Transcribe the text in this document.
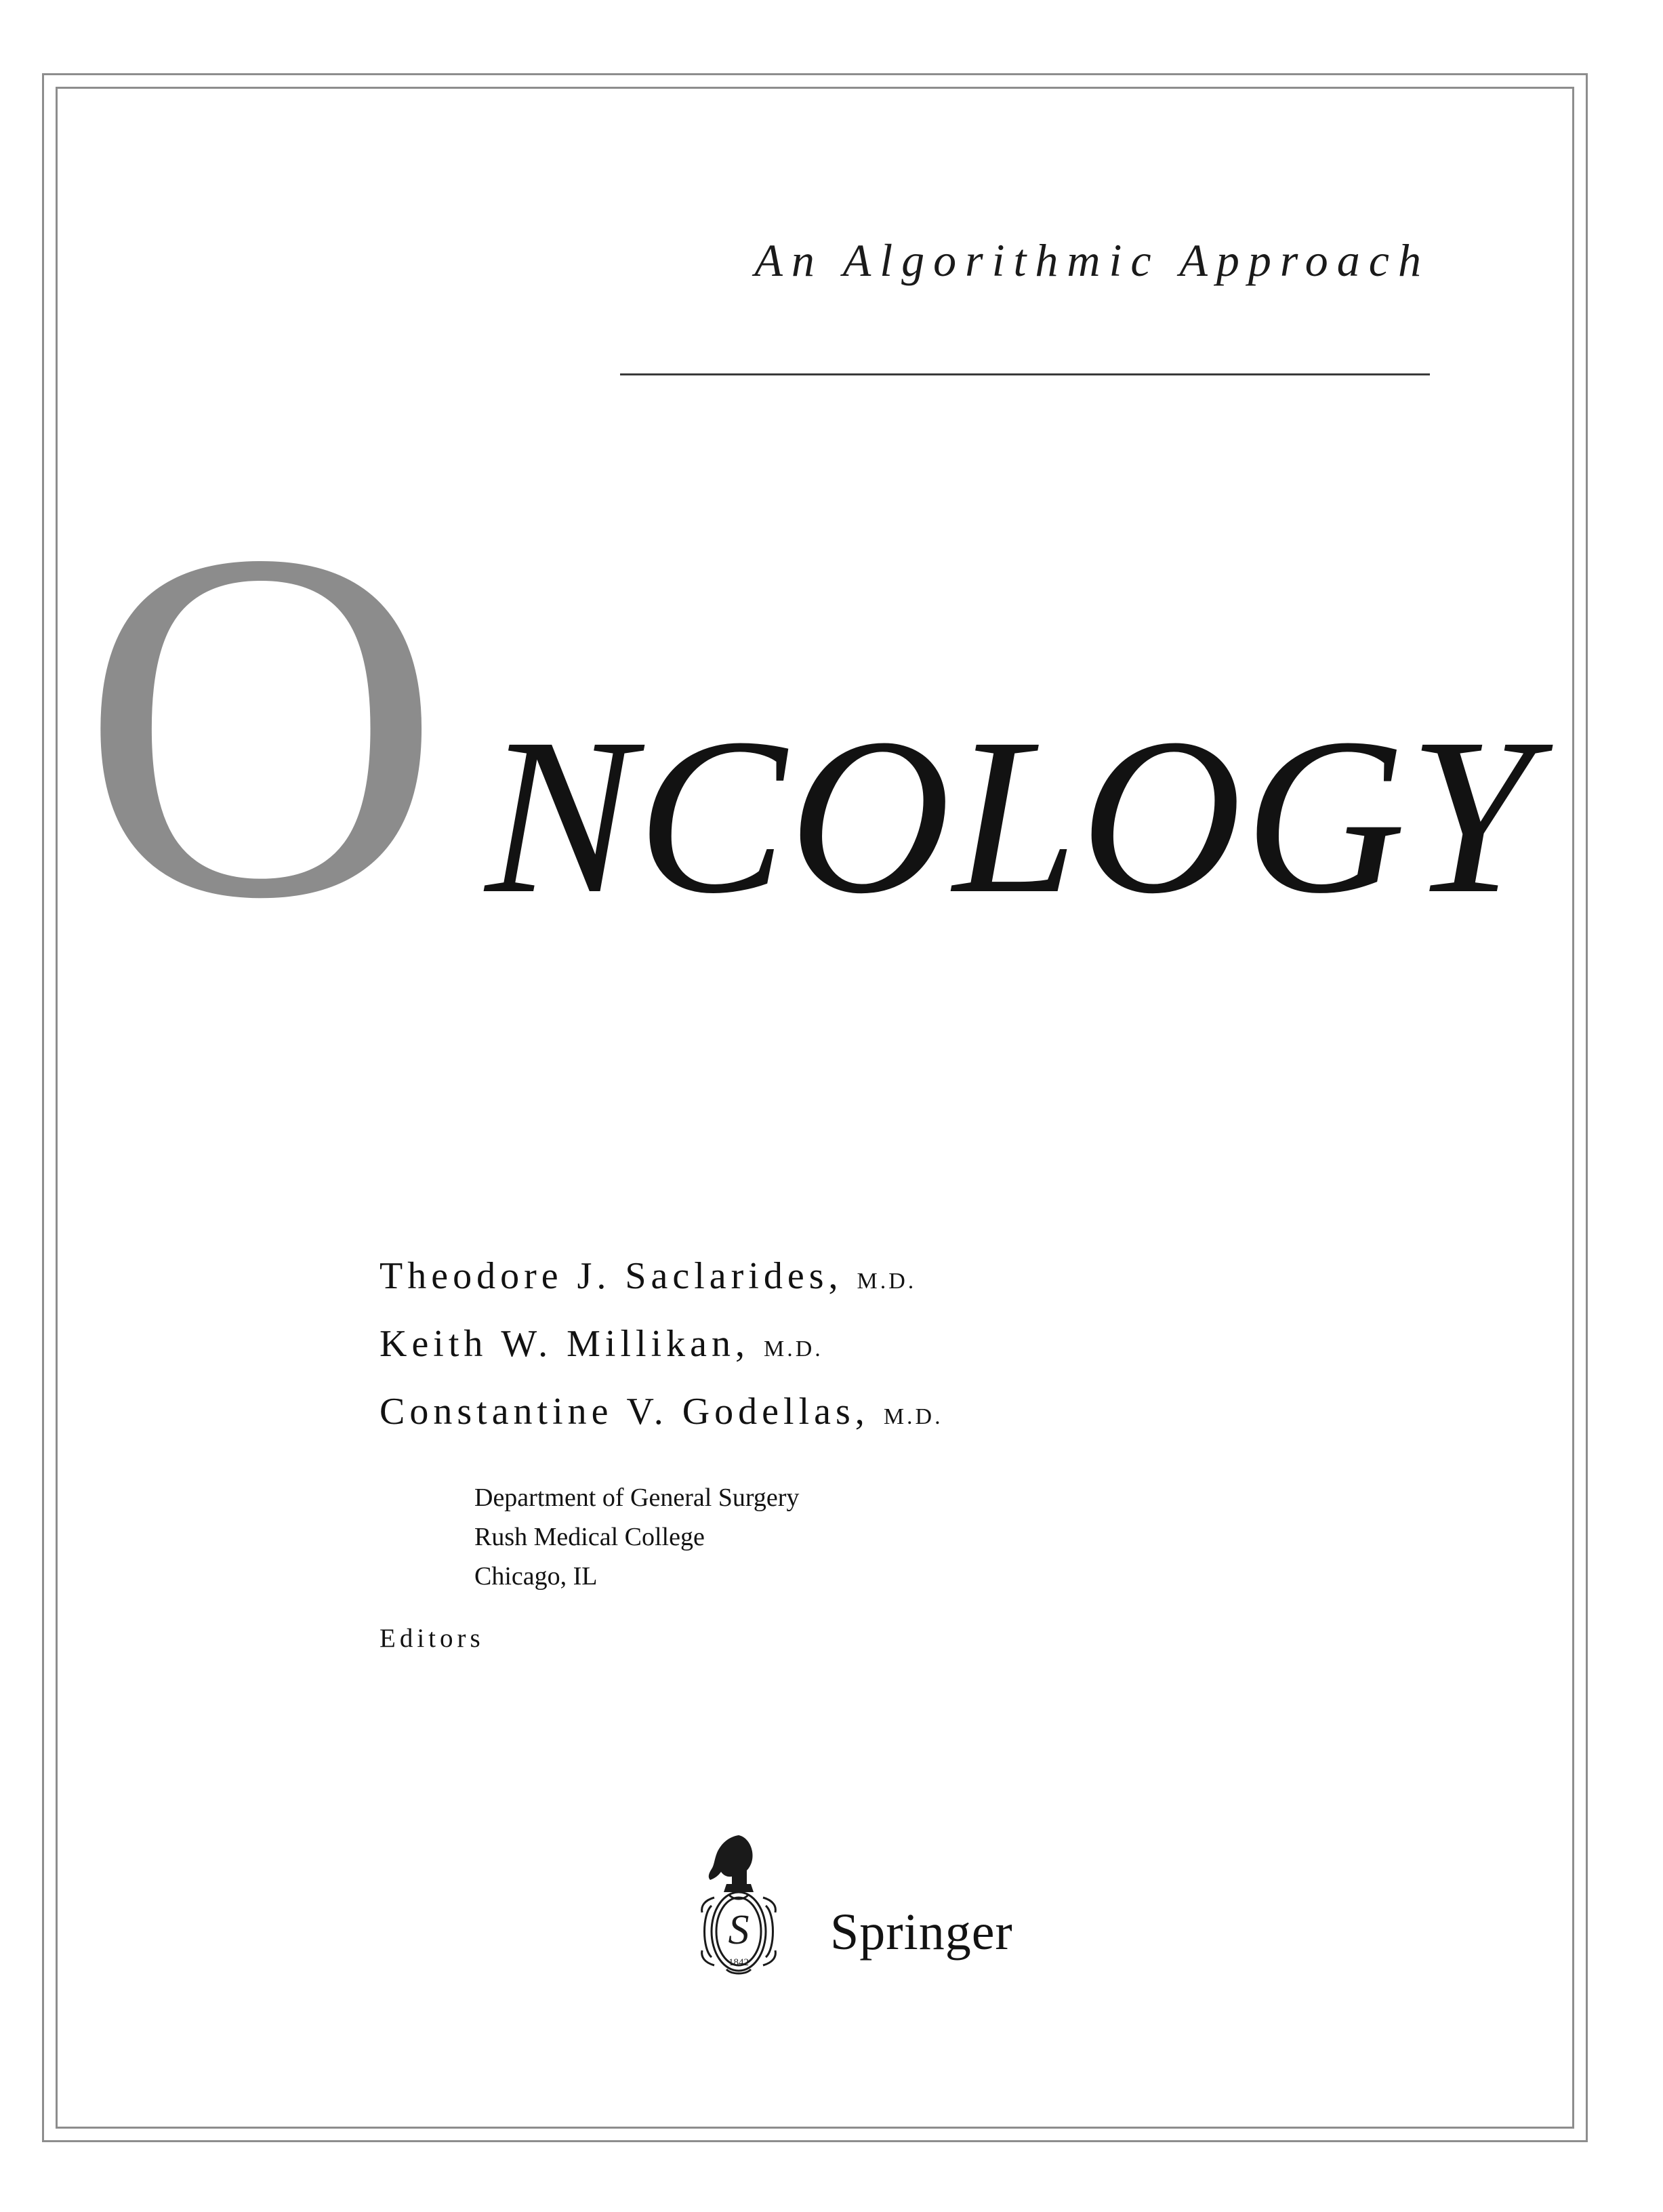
An Algorithmic Approach
O NCOLOGY
Theodore J. Saclarides, M.D.
Keith W. Millikan, M.D.
Constantine V. Godellas, M.D.
Department of General Surgery
Rush Medical College
Chicago, IL
Editors
S
1842
Springer
